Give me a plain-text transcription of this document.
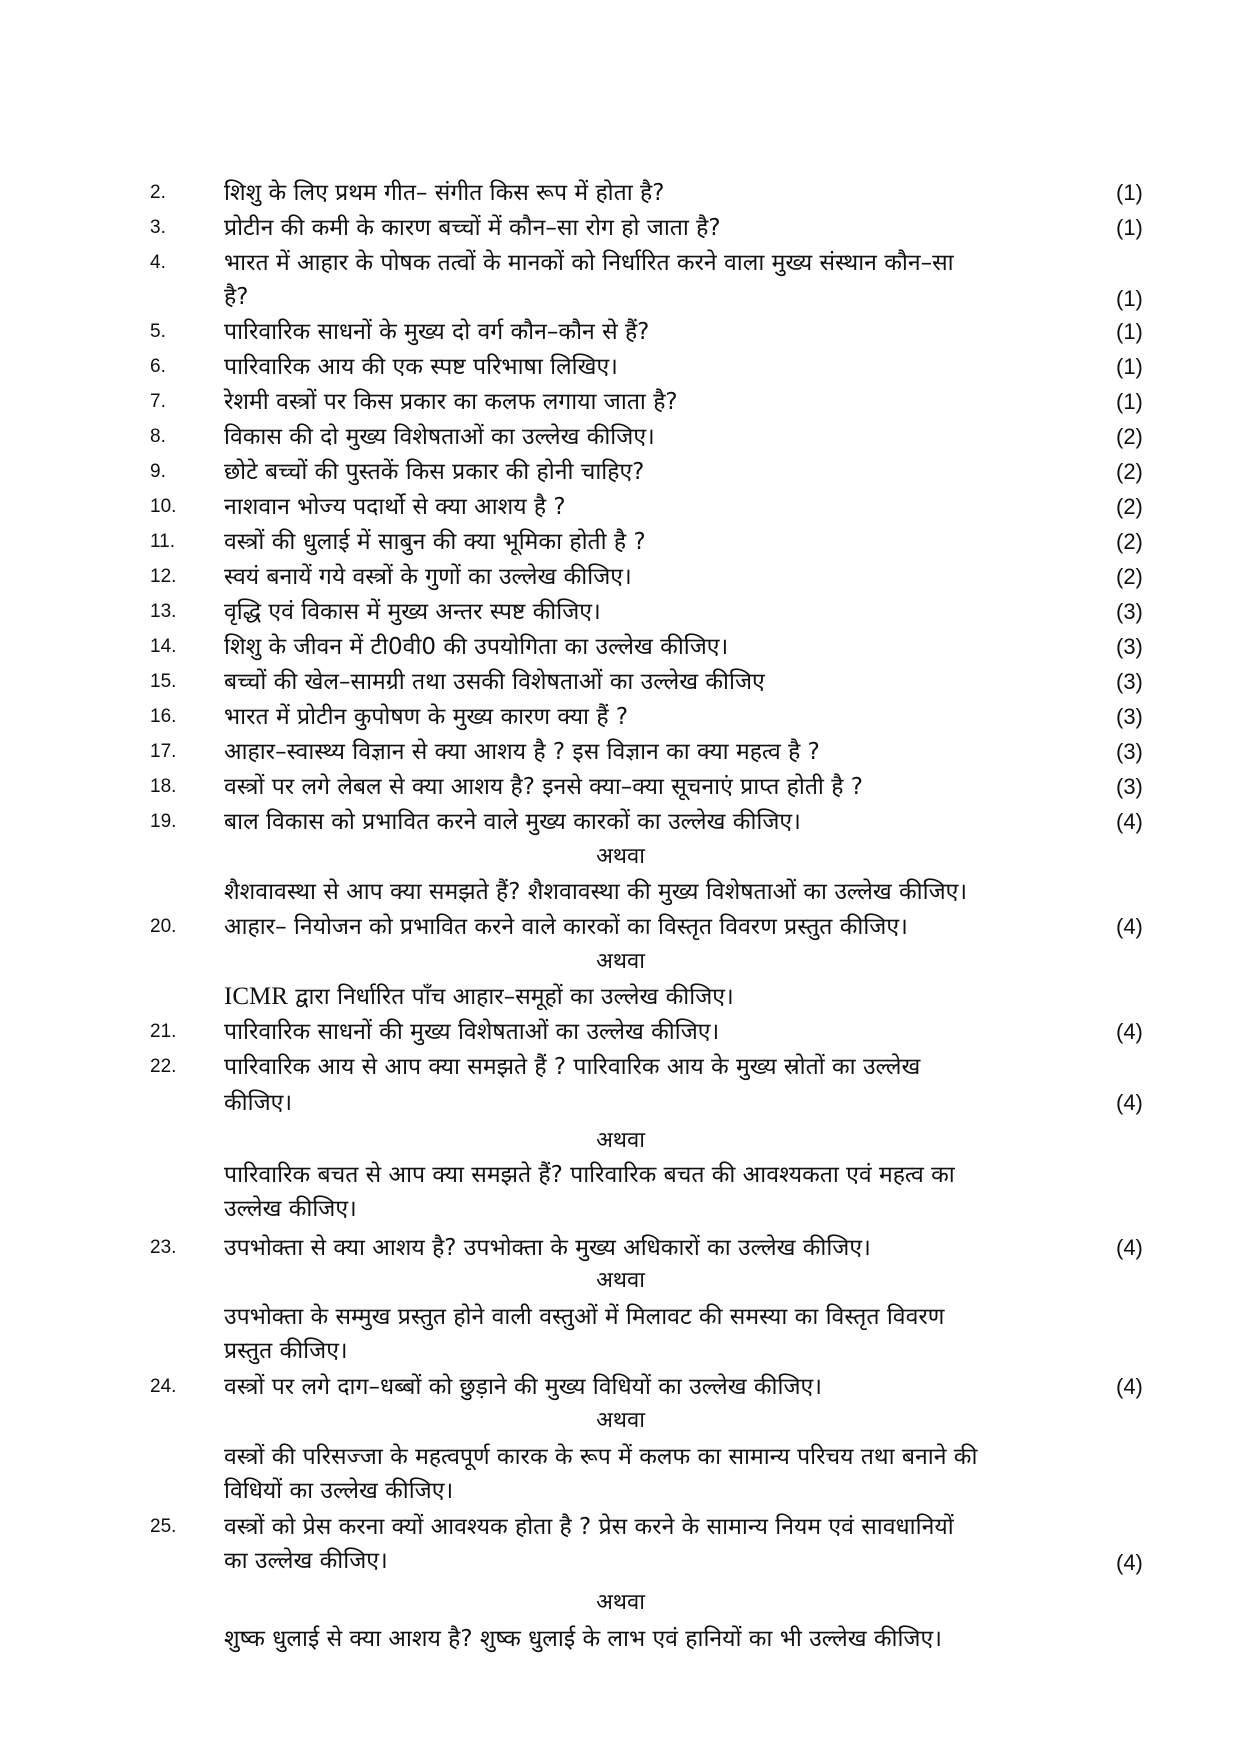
2.	शिशु के लिए प्रथम गीत– संगीत किस रूप में होता है?	(1)
3.	प्रोटीन की कमी के कारण बच्चों में कौन–सा रोग हो जाता है?	(1)
4.	भारत में आहार के पोषक तत्वों के मानकों को निर्धारित करने वाला मुख्य संस्थान कौन–सा
है?	(1)
5.	पारिवारिक साधनों के मुख्य दो वर्ग कौन–कौन से हैं?	(1)
6.	पारिवारिक आय की एक स्पष्ट परिभाषा लिखिए।	(1)
7.	रेशमी वस्त्रों पर किस प्रकार का कलफ लगाया जाता है?	(1)
8.	विकास की दो मुख्य विशेषताओं का उल्लेख कीजिए।	(2)
9.	छोटे बच्चों की पुस्तकें किस प्रकार की होनी चाहिए?	(2)
10.	नाशवान भोज्य पदार्थो से क्या आशय है ?	(2)
11.	वस्त्रों की धुलाई में साबुन की क्या भूमिका होती है ?	(2)
12.	स्वयं बनायें गये वस्त्रों के गुणों का उल्लेख कीजिए।	(2)
13.	वृद्धि एवं विकास में मुख्य अन्तर स्पष्ट कीजिए।	(3)
14.	शिशु के जीवन में टी0वी0 की उपयोगिता का उल्लेख कीजिए।	(3)
15.	बच्चों की खेल–सामग्री तथा उसकी विशेषताओं का उल्लेख कीजिए	(3)
16.	भारत में प्रोटीन कुपोषण के मुख्य कारण क्या हैं ?	(3)
17.	आहार–स्वास्थ्य विज्ञान से क्या आशय है ? इस विज्ञान का क्या महत्व है ?	(3)
18.	वस्त्रों पर लगे लेबल से क्या आशय है? इनसे क्या–क्या सूचनाएं प्राप्त होती है ?	(3)
19.	बाल विकास को प्रभावित करने वाले मुख्य कारकों का उल्लेख कीजिए।	(4)
अथवा
शैशवावस्था से आप क्या समझते हैं? शैशवावस्था की मुख्य विशेषताओं का उल्लेख कीजिए।
20.	आहार– नियोजन को प्रभावित करने वाले कारकों का विस्तृत विवरण प्रस्तुत कीजिए।	(4)
अथवा
ICMR द्वारा निर्धारित पाँच आहार–समूहों का उल्लेख कीजिए।
21.	पारिवारिक साधनों की मुख्य विशेषताओं का उल्लेख कीजिए।	(4)
22.	पारिवारिक आय से आप क्या समझते हैं ? पारिवारिक आय के मुख्य स्रोतों का उल्लेख
कीजिए।	(4)
अथवा
पारिवारिक बचत से आप क्या समझते हैं? पारिवारिक बचत की आवश्यकता एवं महत्व का
उल्लेख कीजिए।
23.	उपभोक्ता से क्या आशय है? उपभोक्ता के मुख्य अधिकारों का उल्लेख कीजिए।	(4)
अथवा
उपभोक्ता के सम्मुख प्रस्तुत होने वाली वस्तुओं में मिलावट की समस्या का विस्तृत विवरण
प्रस्तुत कीजिए।
24.	वस्त्रों पर लगे दाग–धब्बों को छुड़ाने की मुख्य विधियों का उल्लेख कीजिए।	(4)
अथवा
वस्त्रों की परिसज्जा के महत्वपूर्ण कारक के रूप में कलफ का सामान्य परिचय तथा बनाने की
विधियों का उल्लेख कीजिए।
25.	वस्त्रों को प्रेस करना क्यों आवश्यक होता है ? प्रेस करने के सामान्य नियम एवं सावधानियों
का उल्लेख कीजिए।	(4)
अथवा
शुष्क धुलाई से क्या आशय है? शुष्क धुलाई के लाभ एवं हानियों का भी उल्लेख कीजिए।
